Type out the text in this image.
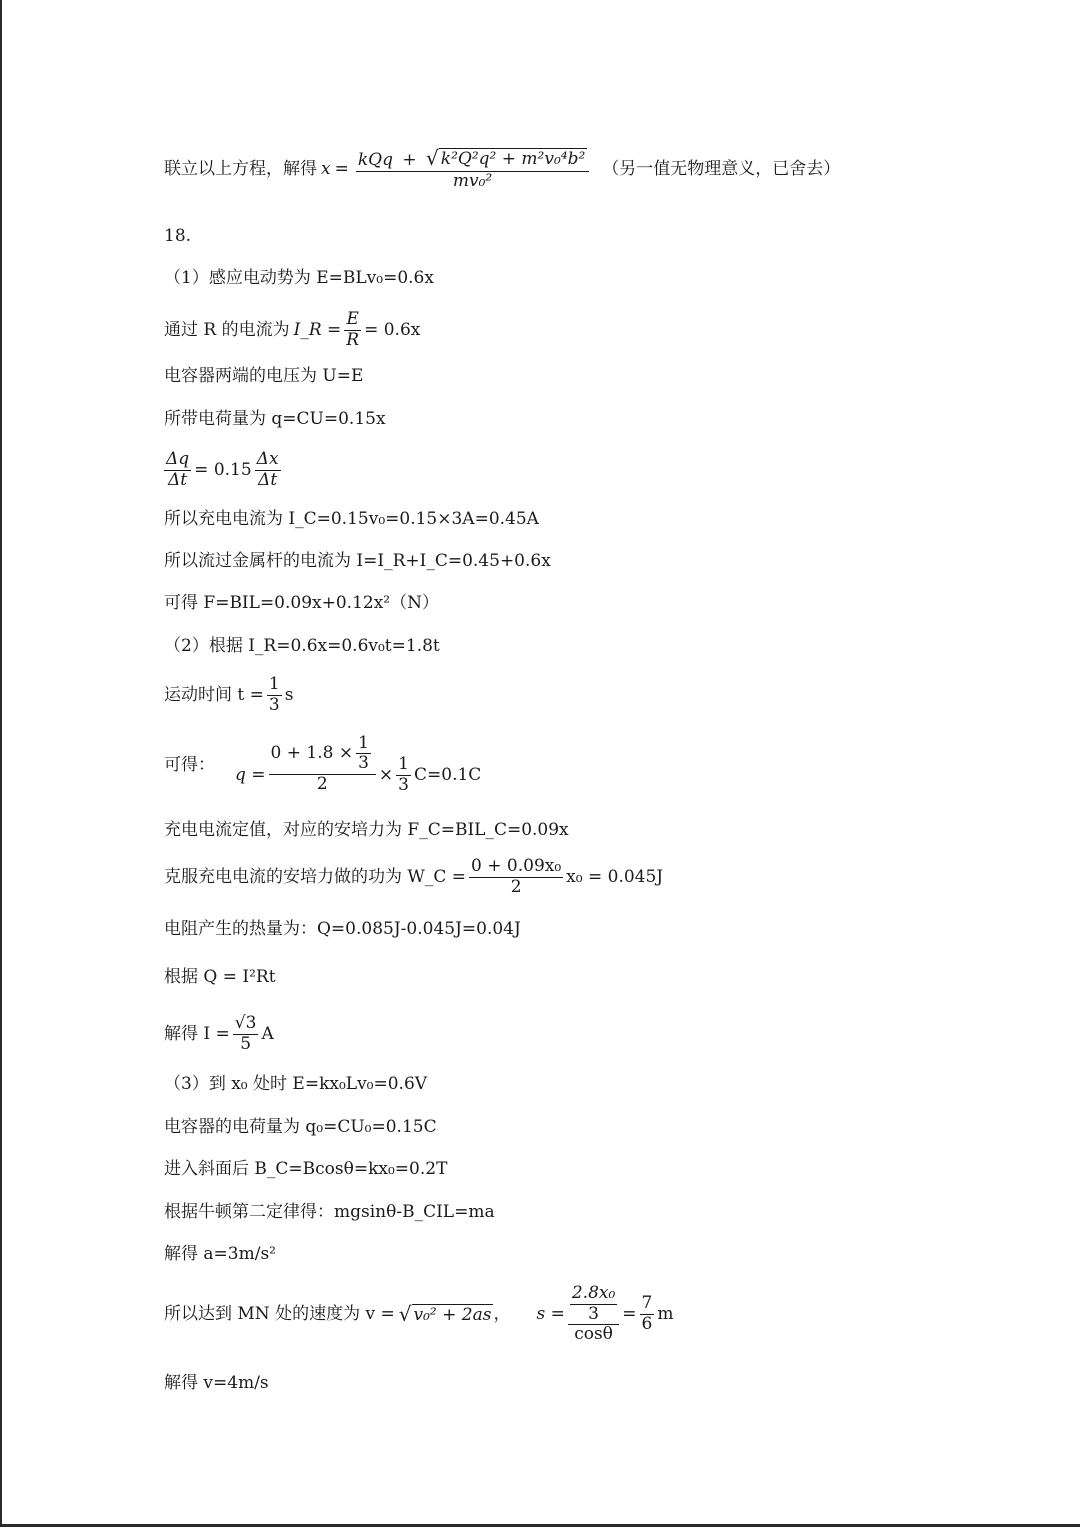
联立以上方程，解得 x = kQq + √ k²Q²q² + m²v₀⁴b²
mv₀²
（另一值无物理意义，已舍去）
18.
（1）感应电动势为 E=BLv₀=0.6x
通过 R 的电流为 I_R = $\frac{E}{R} = 0.6x$
电容器两端的电压为 U=E
所带电荷量为 q=CU=0.15x
$\frac{\Delta q}{\Delta t} = 0.15 \frac{\Delta x}{\Delta t}$
所以充电电流为 I_C=0.15v₀=0.15×3A=0.45A
所以流过金属杆的电流为 I=I_R+I_C=0.45+0.6x
可得 F=BIL=0.09x+0.12x²（N）
（2）根据 I_R=0.6x=0.6v₀t=1.8t
运动时间 $t = \frac{1}{3}$ s
可得： $q = \frac{0 + 1.8 \times \frac{1}{3}}{2} \times \frac{1}{3} C=0.1C$
充电电流定值，对应的安培力为 F_C=BIL_C=0.09x
克服充电电流的安培力做的功为 W_C = $\frac{\text{0 + 0.09x₀}}{2} x_0 = 0.045J$
电阻产生的热量为：Q=0.085J-0.045J=0.04J
根据 Q = I²Rt
解得 $I = \frac{√3}{5}$ A
（3）到 x₀ 处时 E=kx₀Lv₀=0.6V
电容器的电荷量为 q₀=CU₀=0.15C
进入斜面后 B_C=Bcosθ=kx₀=0.2T
根据牛顿第二定律得：mgsinθ-B_CIL=ma
解得 a=3m/s²
所以达到 MN 处的速度为 v = √ v₀² + 2as ， $s = \frac{\frac{\text{2.8x₀}}{3}}{\cos\theta} = \frac{7}{6}$ m
解得 v=4m/s
